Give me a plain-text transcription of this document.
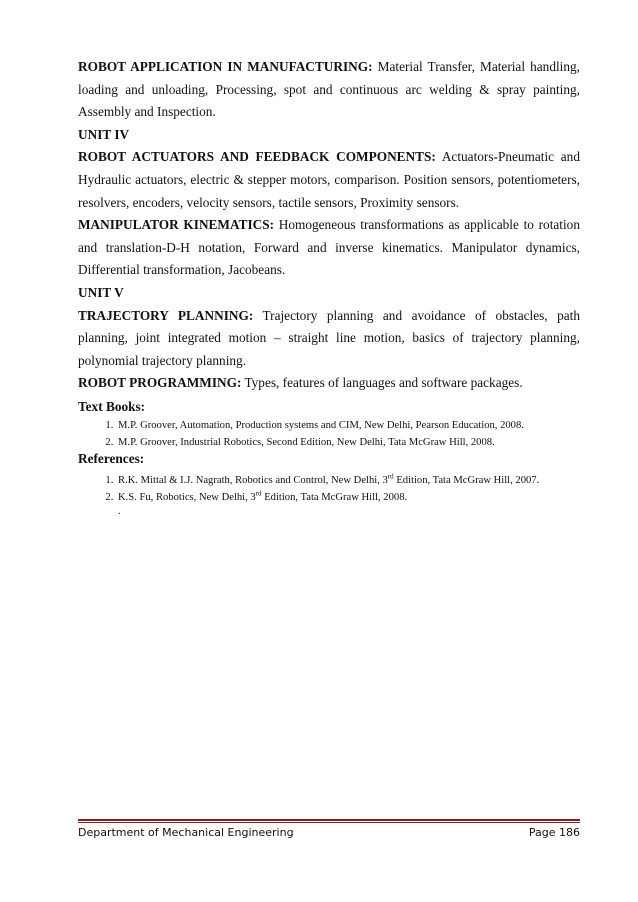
ROBOT APPLICATION IN MANUFACTURING: Material Transfer, Material handling, loading and unloading, Processing, spot and continuous arc welding & spray painting, Assembly and Inspection.

UNIT IV

ROBOT ACTUATORS AND FEEDBACK COMPONENTS: Actuators-Pneumatic and Hydraulic actuators, electric & stepper motors, comparison. Position sensors, potentiometers, resolvers, encoders, velocity sensors, tactile sensors, Proximity sensors.

MANIPULATOR KINEMATICS: Homogeneous transformations as applicable to rotation and translation-D-H notation, Forward and inverse kinematics. Manipulator dynamics, Differential transformation, Jacobeans.

UNIT V

TRAJECTORY PLANNING: Trajectory planning and avoidance of obstacles, path planning, joint integrated motion – straight line motion, basics of trajectory planning, polynomial trajectory planning.

ROBOT PROGRAMMING: Types, features of languages and software packages.

Text Books:

1. M.P. Groover, Automation, Production systems and CIM, New Delhi, Pearson Education, 2008.
2. M.P. Groover, Industrial Robotics, Second Edition, New Delhi, Tata McGraw Hill, 2008.

References:

1. R.K. Mittal & I.J. Nagrath, Robotics and Control, New Delhi, 3rd Edition, Tata McGraw Hill, 2007.
2. K.S. Fu, Robotics, New Delhi, 3rd Edition, Tata McGraw Hill, 2008.
.
Department of Mechanical Engineering	Page 186
